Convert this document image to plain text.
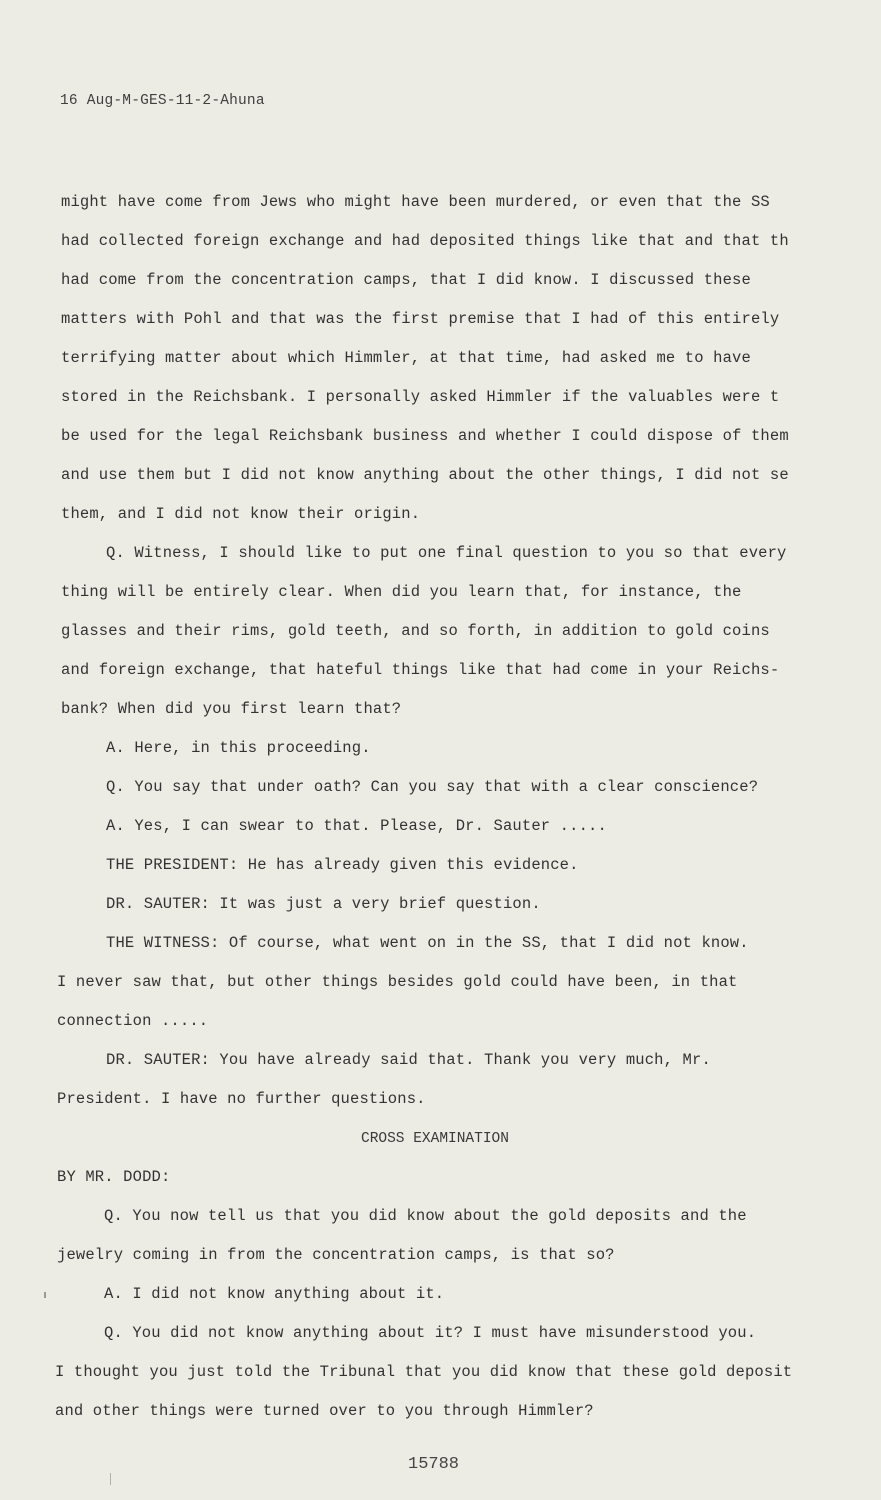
16 Aug-M-GES-11-2-Ahuna
might have come from Jews who might have been murdered, or even that the SS
had collected foreign exchange and had deposited things like that and that th
had come from the concentration camps, that I did know. I discussed these
matters with Pohl and that was the first premise that I had of this entirely
terrifying matter about which Himmler, at that time, had asked me to have
stored in the Reichsbank. I personally asked Himmler if the valuables were t
be used for the legal Reichsbank business and whether I could dispose of them
and use them but I did not know anything about the other things, I did not se
them, and I did not know their origin.
Q. Witness, I should like to put one final question to you so that every
thing will be entirely clear. When did you learn that, for instance, the
glasses and their rims, gold teeth, and so forth, in addition to gold coins
and foreign exchange, that hateful things like that had come in your Reichs-
bank? When did you first learn that?
A. Here, in this proceeding.
Q. You say that under oath? Can you say that with a clear conscience?
A. Yes, I can swear to that. Please, Dr. Sauter .....
THE PRESIDENT: He has already given this evidence.
DR. SAUTER: It was just a very brief question.
THE WITNESS: Of course, what went on in the SS, that I did not know.
I never saw that, but other things besides gold could have been, in that
connection .....
DR. SAUTER: You have already said that. Thank you very much, Mr.
President. I have no further questions.
CROSS EXAMINATION
BY MR. DODD:
Q. You now tell us that you did know about the gold deposits and the
jewelry coming in from the concentration camps, is that so?
A. I did not know anything about it.
Q. You did not know anything about it? I must have misunderstood you.
I thought you just told the Tribunal that you did know that these gold deposit
and other things were turned over to you through Himmler?
15788
